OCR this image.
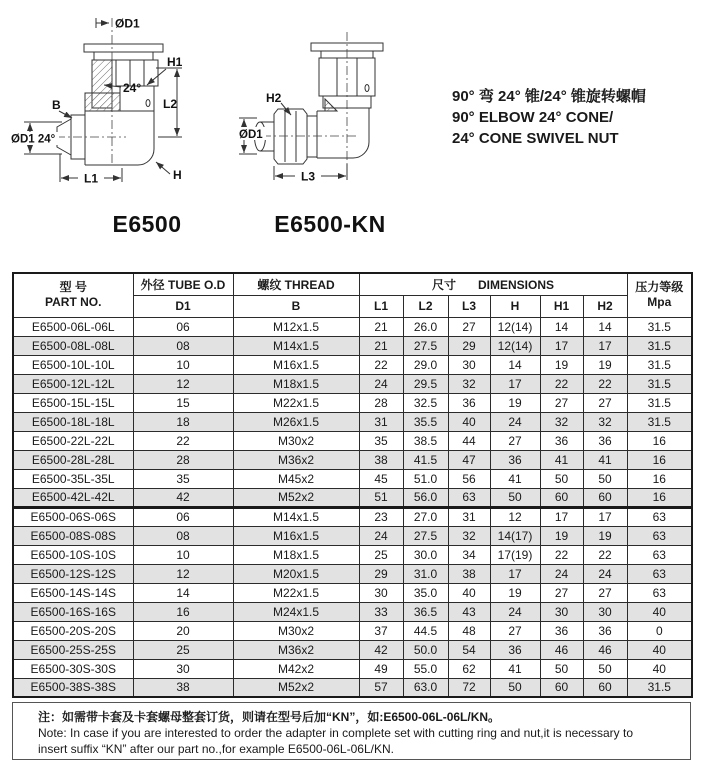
ØD1
H1
24°
B
ØD1 24°
L2
L1	H
H2
ØD1
L3
90° 弯 24° 锥/24° 锥旋转螺帽
90° ELBOW 24° CONE/
24° CONE SWIVEL NUT
E6500	E6500-KN
型 号
PART NO.	外径 TUBE O.D	螺纹 THREAD	尺寸 DIMENSIONS						压力等级
Mpa
	D1	B	L1	L2	L3	H	H1	H2	
E6500-06L-06L	06	M12x1.5	21	26.0	27	12(14)	14	14	31.5
E6500-08L-08L	08	M14x1.5	21	27.5	29	12(14)	17	17	31.5
E6500-10L-10L	10	M16x1.5	22	29.0	30	14	19	19	31.5
E6500-12L-12L	12	M18x1.5	24	29.5	32	17	22	22	31.5
E6500-15L-15L	15	M22x1.5	28	32.5	36	19	27	27	31.5
E6500-18L-18L	18	M26x1.5	31	35.5	40	24	32	32	31.5
E6500-22L-22L	22	M30x2	35	38.5	44	27	36	36	16
E6500-28L-28L	28	M36x2	38	41.5	47	36	41	41	16
E6500-35L-35L	35	M45x2	45	51.0	56	41	50	50	16
E6500-42L-42L	42	M52x2	51	56.0	63	50	60	60	16
E6500-06S-06S	06	M14x1.5	23	27.0	31	12	17	17	63
E6500-08S-08S	08	M16x1.5	24	27.5	32	14(17)	19	19	63
E6500-10S-10S	10	M18x1.5	25	30.0	34	17(19)	22	22	63
E6500-12S-12S	12	M20x1.5	29	31.0	38	17	24	24	63
E6500-14S-14S	14	M22x1.5	30	35.0	40	19	27	27	63
E6500-16S-16S	16	M24x1.5	33	36.5	43	24	30	30	40
E6500-20S-20S	20	M30x2	37	44.5	48	27	36	36	0
E6500-25S-25S	25	M36x2	42	50.0	54	36	46	46	40
E6500-30S-30S	30	M42x2	49	55.0	62	41	50	50	40
E6500-38S-38S	38	M52x2	57	63.0	72	50	60	60	31.5
注：如需带卡套及卡套螺母整套订货，则请在型号后加“KN”，如:E6500-06L-06L/KN。
Note: In case if you are interested to order the adapter in complete set with cutting ring and nut,it is necessary to
insert suffix “KN” after our part no.,for example E6500-06L-06L/KN.
